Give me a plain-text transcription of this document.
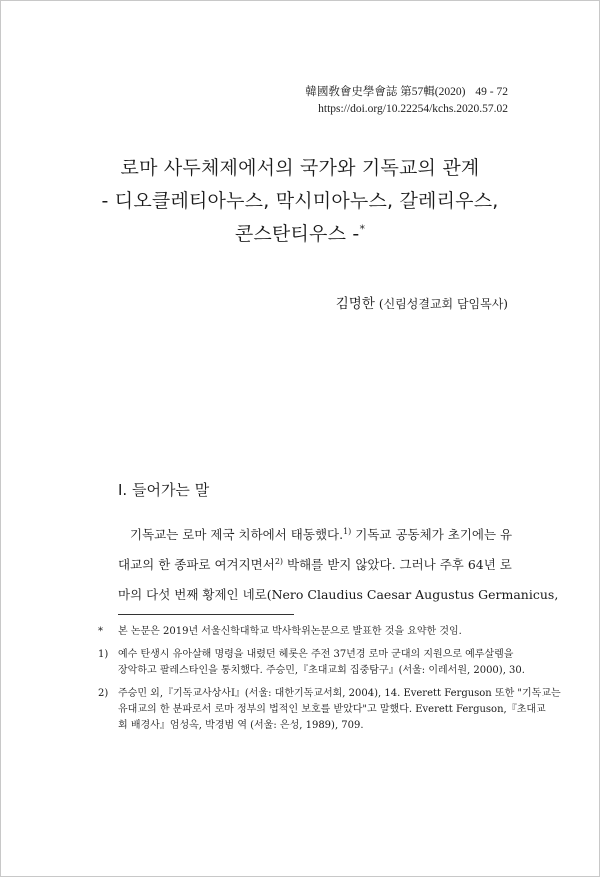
韓國敎會史學會誌 第57輯(2020) 49 - 72
https://doi.org/10.22254/kchs.2020.57.02
로마 사두체제에서의 국가와 기독교의 관계
- 디오클레티아누스, 막시미아누스, 갈레리우스,
콘스탄티우스 -*
김명한 (신림성결교회 담임목사)
I. 들어가는 말
기독교는 로마 제국 치하에서 태동했다.$^{1)}$ 기독교 공동체가 초기에는 유
대교의 한 종파로 여겨지면서$^{2)}$ 박해를 받지 않았다. 그러나 주후 64년 로
마의 다섯 번째 황제인 네로(Nero Claudius Caesar Augustus Germanicus,
*	본 논문은 2019년 서울신학대학교 박사학위논문으로 발표한 것을 요약한 것임.
1) 예수 탄생시 유아살해 명령을 내렸던 헤롯은 주전 37년경 로마 군대의 지원으로 예루살렘을
장악하고 팔레스타인을 통치했다. 주승민,『초대교회 집중탐구』(서울: 이레서원, 2000), 30.
2) 주승민 외,『기독교사상사Ⅰ』(서울: 대한기독교서회, 2004), 14. Everett Ferguson 또한 "기독교는
유대교의 한 분파로서 로마 정부의 법적인 보호를 받았다"고 말했다. Everett Ferguson,『초대교
회 배경사』엄성옥, 박경범 역 (서울: 은성, 1989), 709.
